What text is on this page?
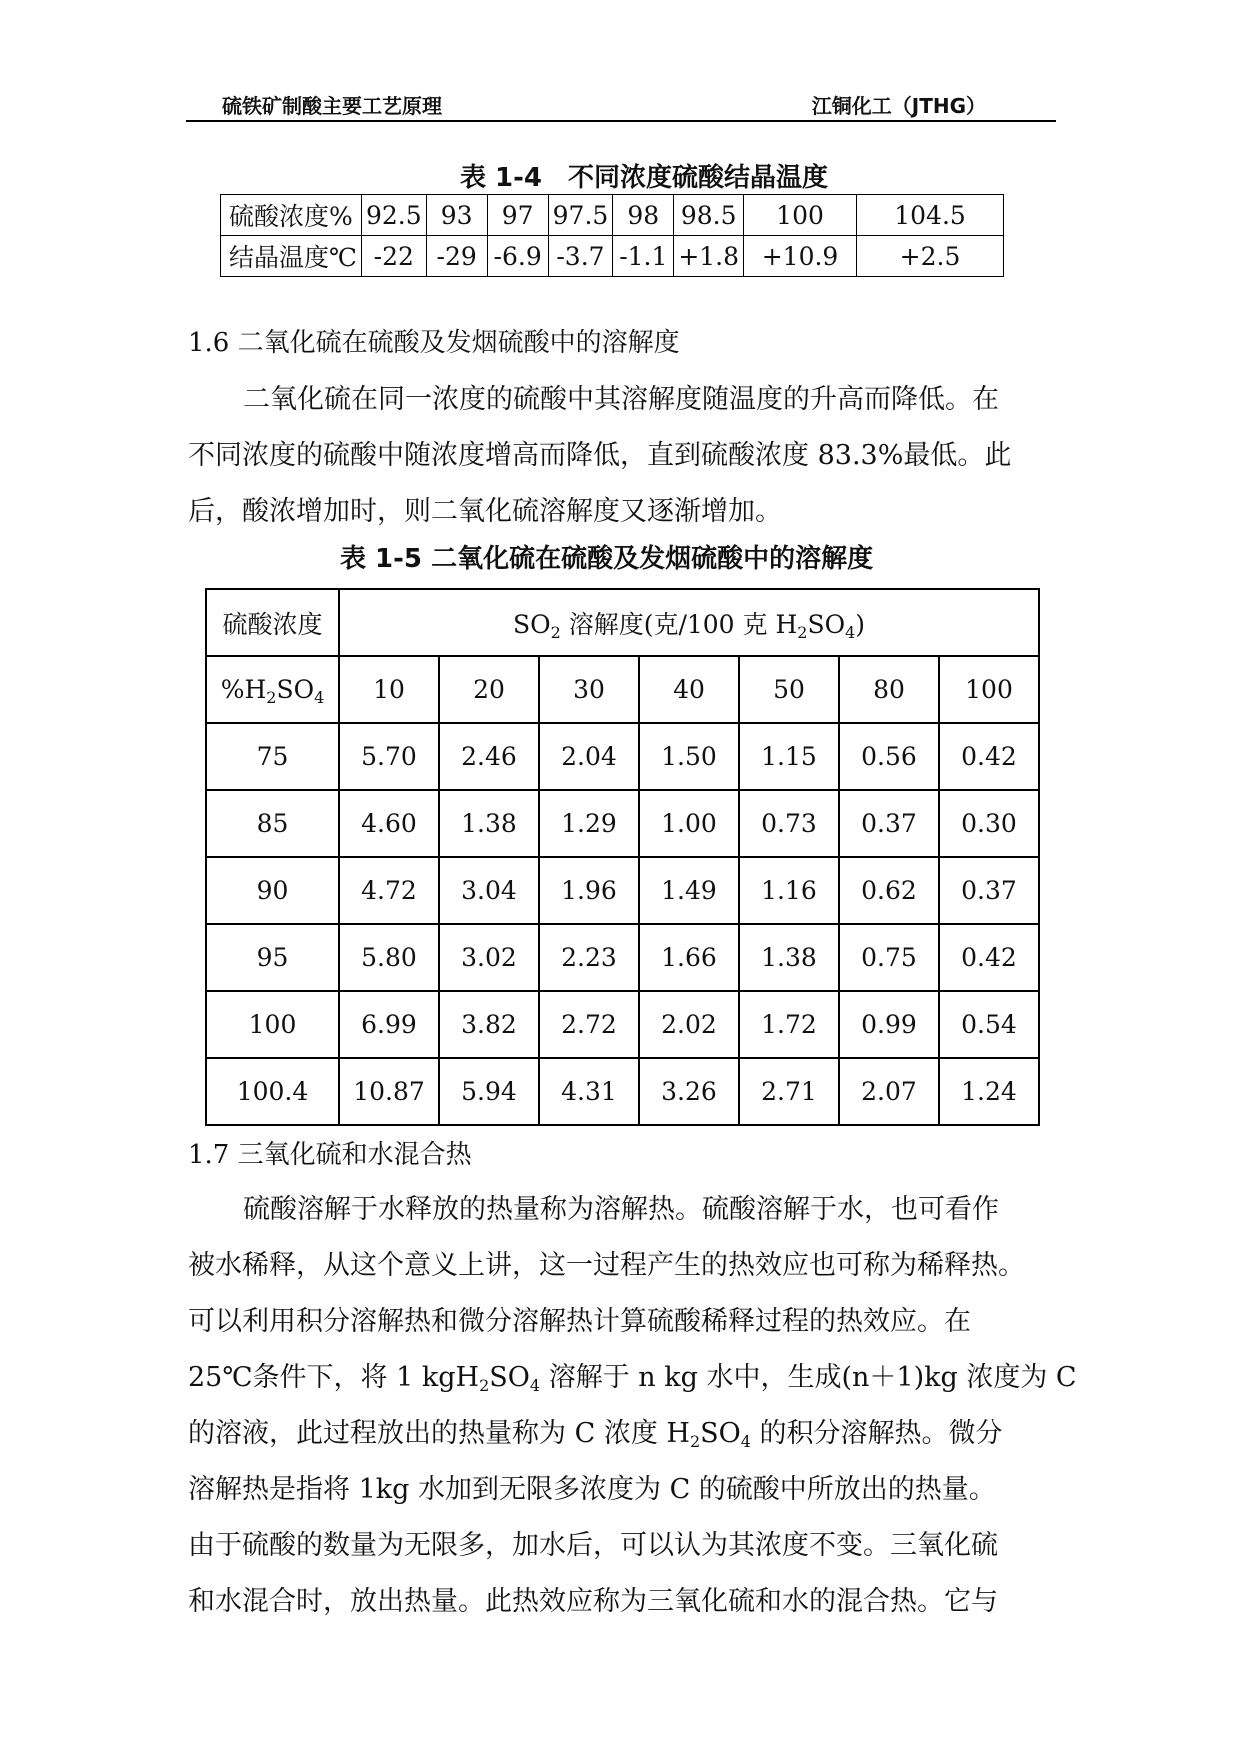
硫铁矿制酸主要工艺原理	江铜化工（JTHG）
表 1-4　不同浓度硫酸结晶温度
硫酸浓度%	92.5	93	97	97.5	98	98.5	100	104.5
结晶温度℃	-22	-29	-6.9	-3.7	-1.1	+1.8	+10.9	+2.5
1.6 二氧化硫在硫酸及发烟硫酸中的溶解度
二氧化硫在同一浓度的硫酸中其溶解度随温度的升高而降低。在
不同浓度的硫酸中随浓度增高而降低，直到硫酸浓度 83.3%最低。此
后，酸浓增加时，则二氧化硫溶解度又逐渐增加。
表 1-5 二氧化硫在硫酸及发烟硫酸中的溶解度
硫酸浓度	$SO_2$ 溶解度(克/100 克 $H_2SO_4$)						
$\%H_2SO_4$	10	20	30	40	50	80	100
75	5.70	2.46	2.04	1.50	1.15	0.56	0.42
85	4.60	1.38	1.29	1.00	0.73	0.37	0.30
90	4.72	3.04	1.96	1.49	1.16	0.62	0.37
95	5.80	3.02	2.23	1.66	1.38	0.75	0.42
100	6.99	3.82	2.72	2.02	1.72	0.99	0.54
100.4	10.87	5.94	4.31	3.26	2.71	2.07	1.24
1.7 三氧化硫和水混合热
硫酸溶解于水释放的热量称为溶解热。硫酸溶解于水，也可看作
被水稀释，从这个意义上讲，这一过程产生的热效应也可称为稀释热。
可以利用积分溶解热和微分溶解热计算硫酸稀释过程的热效应。在
25℃条件下，将 1 $kgH_2SO_4$ 溶解于 n kg 水中，生成(n＋1)kg 浓度为 C
的溶液，此过程放出的热量称为 C 浓度 $H_2SO_4$ 的积分溶解热。微分
溶解热是指将 1kg 水加到无限多浓度为 C 的硫酸中所放出的热量。
由于硫酸的数量为无限多，加水后，可以认为其浓度不变。三氧化硫
和水混合时，放出热量。此热效应称为三氧化硫和水的混合热。它与
